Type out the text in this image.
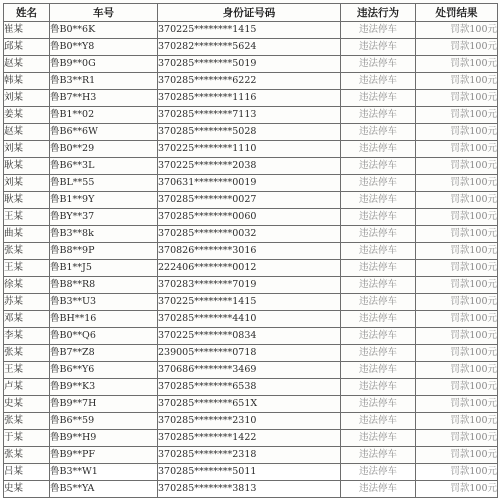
姓名	车号	身份证号码	违法行为	处罚结果
崔某	鲁B0**6K	370225********1415	违法停车	罚款100元
邱某	鲁B0**Y8	370282********5624	违法停车	罚款100元
赵某	鲁B9**0G	370285********5019	违法停车	罚款100元
韩某	鲁B3**R1	370285********6222	违法停车	罚款100元
刘某	鲁B7**H3	370285********1116	违法停车	罚款100元
姜某	鲁B1**02	370285********7113	违法停车	罚款100元
赵某	鲁B6**6W	370285********5028	违法停车	罚款100元
刘某	鲁B0**29	370225********1110	违法停车	罚款100元
耿某	鲁B6**3L	370225********2038	违法停车	罚款100元
刘某	鲁BL**55	370631********0019	违法停车	罚款100元
耿某	鲁B1**9Y	370285********0027	违法停车	罚款100元
王某	鲁BY**37	370285********0060	违法停车	罚款100元
曲某	鲁B3**8k	370285********0032	违法停车	罚款100元
张某	鲁B8**9P	370826********3016	违法停车	罚款100元
王某	鲁B1**J5	222406********0012	违法停车	罚款100元
徐某	鲁B8**R8	370283********7019	违法停车	罚款100元
苏某	鲁B3**U3	370225********1415	违法停车	罚款100元
邓某	鲁BH**16	370285********4410	违法停车	罚款100元
李某	鲁B0**Q6	370225********0834	违法停车	罚款100元
张某	鲁B7**Z8	239005********0718	违法停车	罚款100元
王某	鲁B6**Y6	370686********3469	违法停车	罚款100元
卢某	鲁B9**K3	370285********6538	违法停车	罚款100元
史某	鲁B9**7H	370285********651X	违法停车	罚款100元
张某	鲁B6**59	370285********2310	违法停车	罚款100元
于某	鲁B9**H9	370285********1422	违法停车	罚款100元
张某	鲁B9**PF	370285********2318	违法停车	罚款100元
吕某	鲁B3**W1	370285********5011	违法停车	罚款100元
史某	鲁B5**YA	370285********3813	违法停车	罚款100元
